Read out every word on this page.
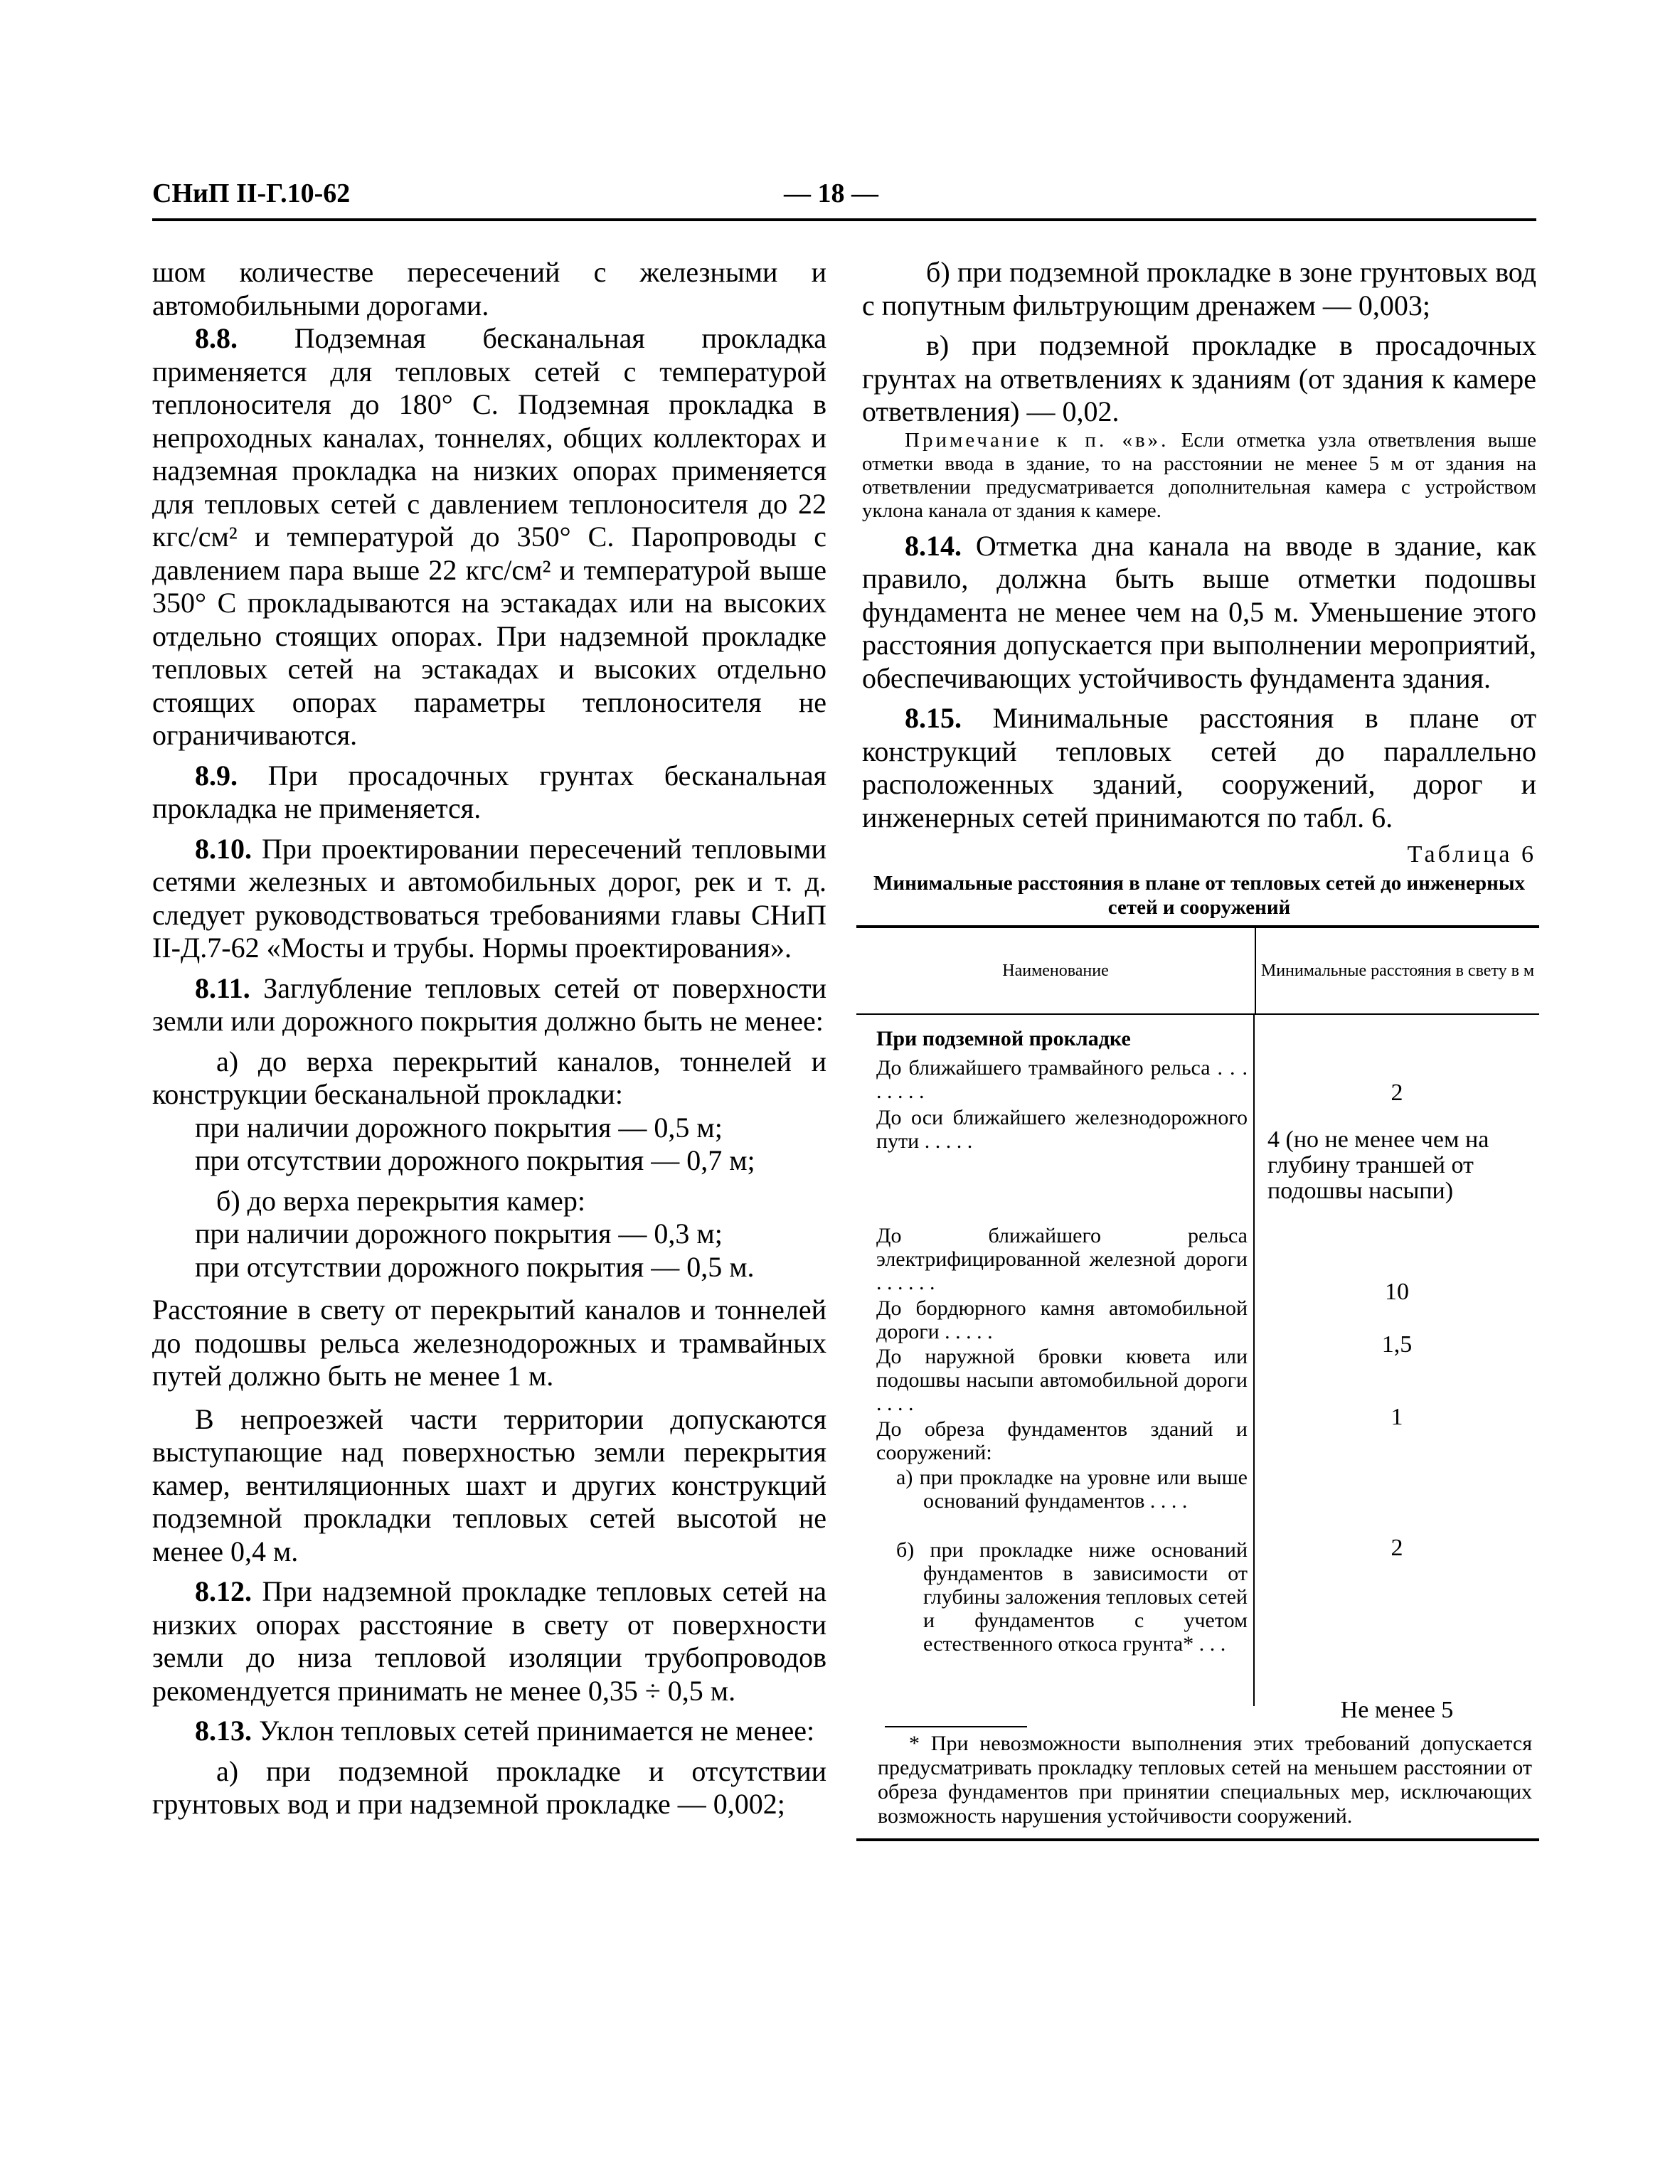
СНиП II-Г.10-62	— 18 —

шом количестве пересечений с железными и

автомобильными дорогами.

8.8. Подземная бесканальная прокладка применяется для тепловых сетей с температурой теплоносителя до 180° С. Подземная прокладка в непроходных каналах, тоннелях, общих коллекторах и надземная прокладка на низких опорах применяется для тепловых сетей с давлением теплоносителя до 22 кгс/см² и температурой до 350° С. Паропроводы с давлением пара выше 22 кгс/см² и температурой выше 350° С прокладываются на эстакадах или на высоких отдельно стоящих опорах. При надземной прокладке тепловых сетей на эстакадах и высоких отдельно стоящих опорах параметры теплоносителя не ограничиваются.

8.9. При просадочных грунтах бесканальная прокладка не применяется.

8.10. При проектировании пересечений тепловыми сетями железных и автомобильных дорог, рек и т. д. следует руководствоваться требованиями главы СНиП II-Д.7-62 «Мосты и трубы. Нормы проектирования».

8.11. Заглубление тепловых сетей от поверхности земли или дорожного покрытия должно быть не менее:

а) до верха перекрытий каналов, тоннелей и конструкции бесканальной прокладки:

при наличии дорожного покрытия — 0,5 м;

при отсутствии дорожного покрытия — 0,7 м;

б) до верха перекрытия камер:

при наличии дорожного покрытия — 0,3 м;

при отсутствии дорожного покрытия — 0,5 м.

Расстояние в свету от перекрытий каналов и тоннелей до подошвы рельса железнодорожных и трамвайных путей должно быть не менее 1 м.

В непроезжей части территории допускаются выступающие над поверхностью земли перекрытия камер, вентиляционных шахт и других конструкций подземной прокладки тепловых сетей высотой не менее 0,4 м.

8.12. При надземной прокладке тепловых сетей на низких опорах расстояние в свету от поверхности земли до низа тепловой изоляции трубопроводов рекомендуется принимать не менее 0,35 ÷ 0,5 м.

8.13. Уклон тепловых сетей принимается не менее:

а) при подземной прокладке и отсутствии грунтовых вод и при надземной прокладке — 0,002;

б) при подземной прокладке в зоне грунтовых вод с попутным фильтрующим дренажем — 0,003;

в) при подземной прокладке в просадочных грунтах на ответвлениях к зданиям (от здания к камере ответвления) — 0,02.

Примечание к п. «в». Если отметка узла ответвления выше отметки ввода в здание, то на расстоянии не менее 5 м от здания на ответвлении предусматривается дополнительная камера с устройством уклона канала от здания к камере.

8.14. Отметка дна канала на вводе в здание, как правило, должна быть выше отметки подошвы фундамента не менее чем на 0,5 м. Уменьшение этого расстояния допускается при выполнении мероприятий, обеспечивающих устойчивость фундамента здания.

8.15. Минимальные расстояния в плане от конструкций тепловых сетей до параллельно расположенных зданий, сооружений, дорог и инженерных сетей принимаются по табл. 6.

Таблица 6

Минимальные расстояния в плане от тепловых сетей до инженерных сетей и сооружений

Наименование	Минимальные расстояния в свету в м

При подземной прокладке

До ближайшего трамвайного рельса . . . . . . . .

До оси ближайшего железнодорожного пути . . . . .

До ближайшего рельса электрифицированной железной дороги . . . . . .

До бордюрного камня автомобильной дороги . . . . .

До наружной бровки кювета или подошвы насыпи автомобильной дороги . . . .

До обреза фундаментов зданий и сооружений:

а) при прокладке на уровне или выше оснований фундаментов . . . .

б) при прокладке ниже оснований фундаментов в зависимости от глубины заложения тепловых сетей и фундаментов с учетом естественного откоса грунта* . . .

2

4 (но не менее чем на глубину траншей от подошвы насыпи)

10

1,5

1

2

Не менее 5

* При невозможности выполнения этих требований допускается предусматривать прокладку тепловых сетей на меньшем расстоянии от обреза фундаментов при принятии специальных мер, исключающих возможность нарушения устойчивости сооружений.
